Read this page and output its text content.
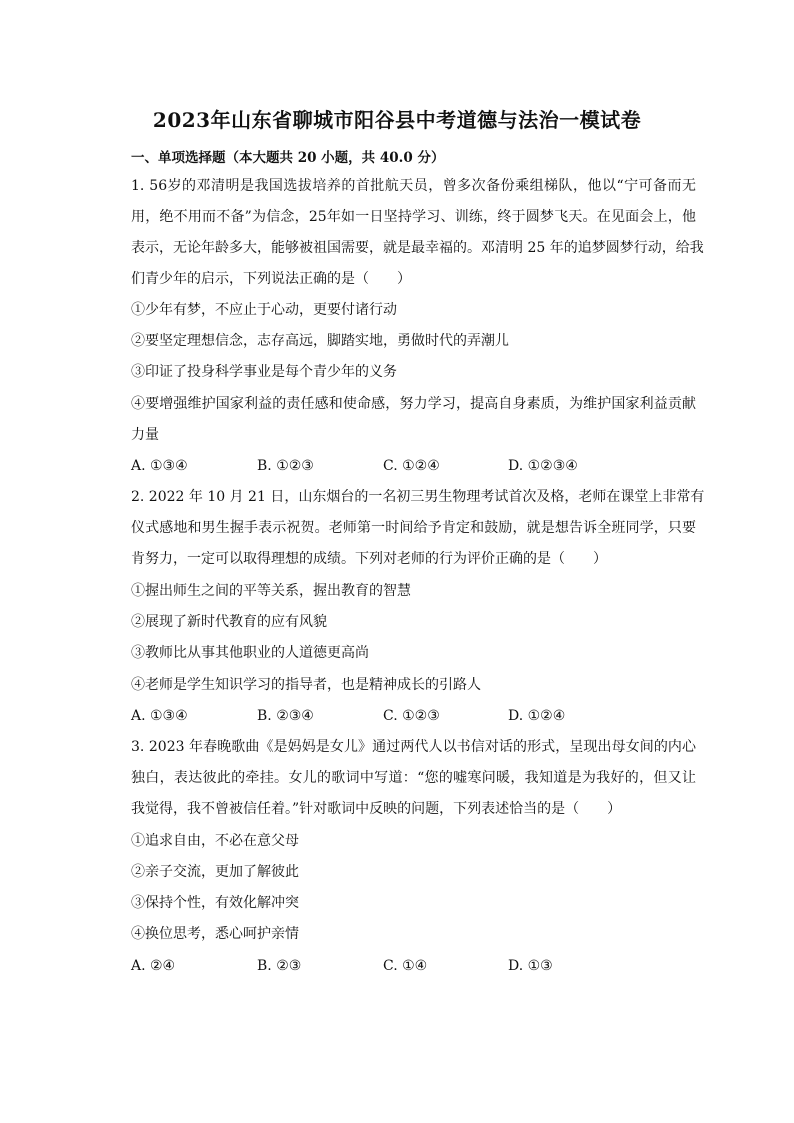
2023年山东省聊城市阳谷县中考道德与法治一模试卷
一、单项选择题（本大题共 20 小题，共 40.0 分）
1. 56岁的邓清明是我国选拔培养的首批航天员，曾多次备份乘组梯队，他以“宁可备而无
用，绝不用而不备”为信念，25年如一日坚持学习、训练，终于圆梦飞天。在见面会上，他
表示，无论年龄多大，能够被祖国需要，就是最幸福的。邓清明 25 年的追梦圆梦行动，给我
们青少年的启示，下列说法正确的是（　　）
①少年有梦，不应止于心动，更要付诸行动
②要坚定理想信念，志存高远，脚踏实地，勇做时代的弄潮儿
③印证了投身科学事业是每个青少年的义务
④要增强维护国家利益的责任感和使命感，努力学习，提高自身素质，为维护国家利益贡献
力量
A. ①③④	B. ①②③	C. ①②④	D. ①②③④
2. 2022 年 10 月 21 日，山东烟台的一名初三男生物理考试首次及格，老师在课堂上非常有
仪式感地和男生握手表示祝贺。老师第一时间给予肯定和鼓励，就是想告诉全班同学，只要
肯努力，一定可以取得理想的成绩。下列对老师的行为评价正确的是（　　）
①握出师生之间的平等关系，握出教育的智慧
②展现了新时代教育的应有风貌
③教师比从事其他职业的人道德更高尚
④老师是学生知识学习的指导者，也是精神成长的引路人
A. ①③④	B. ②③④	C. ①②③	D. ①②④
3. 2023 年春晚歌曲《是妈妈是女儿》通过两代人以书信对话的形式，呈现出母女间的内心
独白，表达彼此的牵挂。女儿的歌词中写道：“您的嘘寒问暖，我知道是为我好的，但又让
我觉得，我不曾被信任着。”针对歌词中反映的问题，下列表述恰当的是（　　）
①追求自由，不必在意父母
②亲子交流，更加了解彼此
③保持个性，有效化解冲突
④换位思考，悉心呵护亲情
A. ②④	B. ②③	C. ①④	D. ①③
